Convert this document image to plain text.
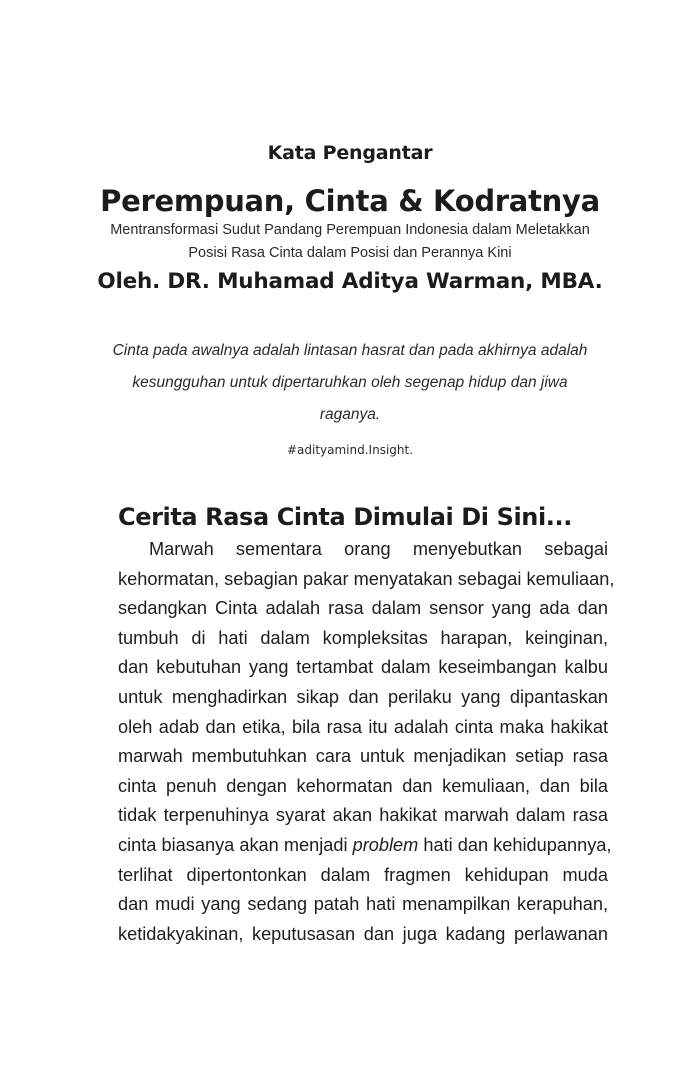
Kata Pengantar
Perempuan, Cinta & Kodratnya
Mentransformasi Sudut Pandang Perempuan Indonesia dalam Meletakkan
Posisi Rasa Cinta dalam Posisi dan Perannya Kini
Oleh. DR. Muhamad Aditya Warman, MBA.
Cinta pada awalnya adalah lintasan hasrat dan pada akhirnya adalah
kesungguhan untuk dipertaruhkan oleh segenap hidup dan jiwa
raganya.
#adityamind.Insight.
Cerita Rasa Cinta Dimulai Di Sini...
Marwah sementara orang menyebutkan sebagai
kehormatan, sebagian pakar menyatakan sebagai kemuliaan,
sedangkan Cinta adalah rasa dalam sensor yang ada dan
tumbuh di hati dalam kompleksitas harapan, keinginan,
dan kebutuhan yang tertambat dalam keseimbangan kalbu
untuk menghadirkan sikap dan perilaku yang dipantaskan
oleh adab dan etika, bila rasa itu adalah cinta maka hakikat
marwah membutuhkan cara untuk menjadikan setiap rasa
cinta penuh dengan kehormatan dan kemuliaan, dan bila
tidak terpenuhinya syarat akan hakikat marwah dalam rasa
cinta biasanya akan menjadi problem hati dan kehidupannya,
terlihat dipertontonkan dalam fragmen kehidupan muda
dan mudi yang sedang patah hati menampilkan kerapuhan,
ketidakyakinan, keputusasan dan juga kadang perlawanan
